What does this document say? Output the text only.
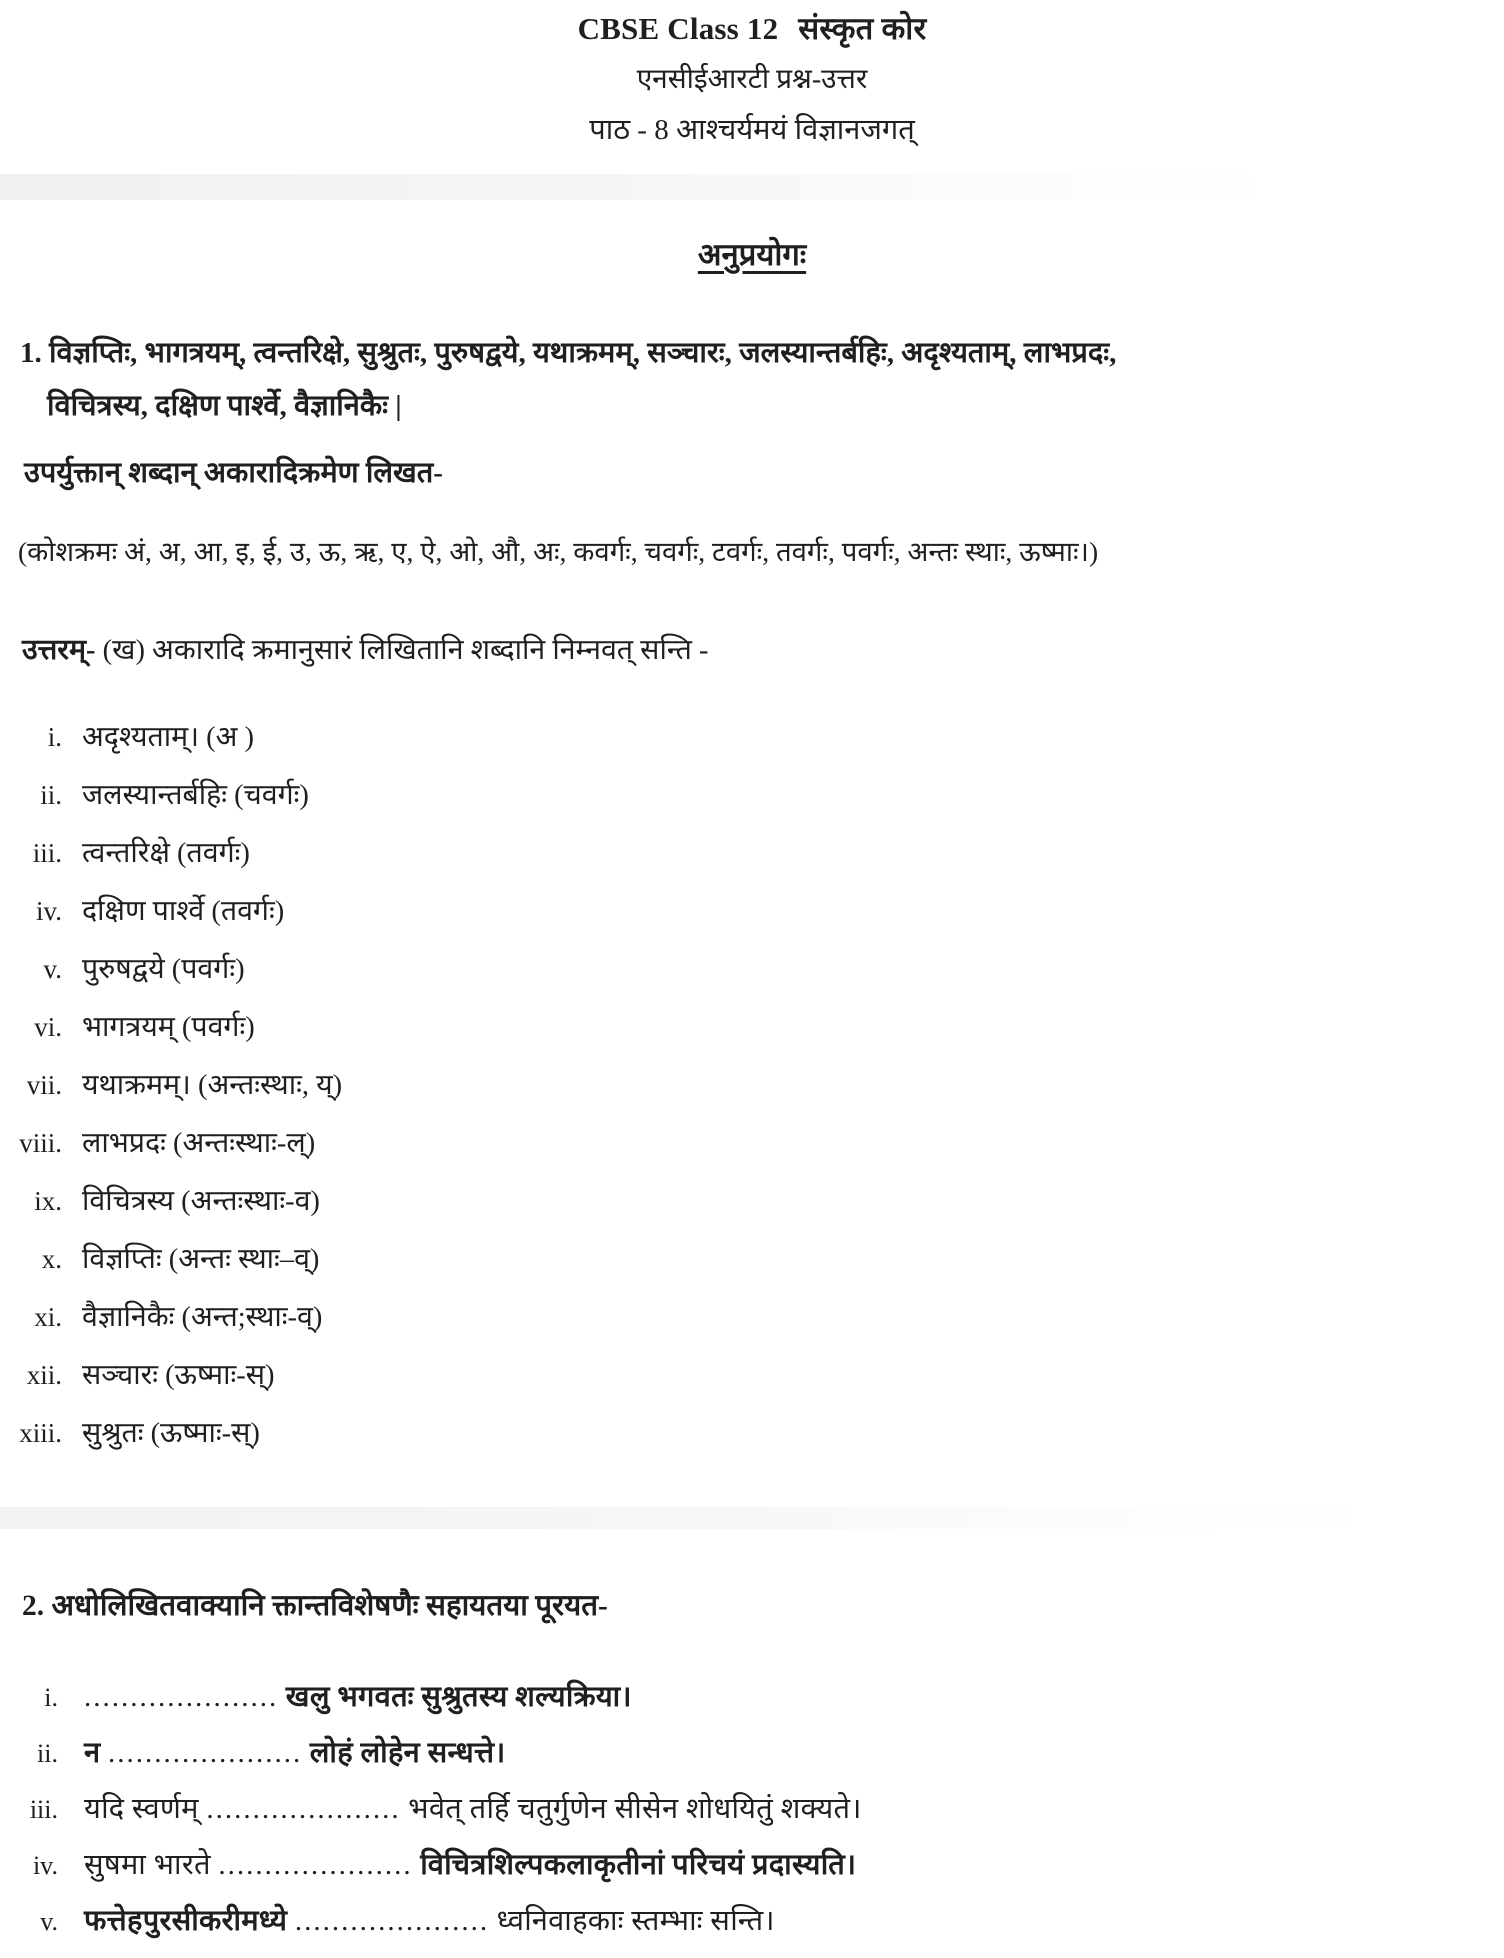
CBSE Class 12 संस्कृत कोर
एनसीईआरटी प्रश्न-उत्तर
पाठ - 8 आश्चर्यमयं विज्ञानजगत्
अनुप्रयोगः
1. विज्ञप्तिः, भागत्रयम्, त्वन्तरिक्षे, सुश्रुतः, पुरुषद्वये, यथाक्रमम्, सञ्चारः, जलस्यान्तर्बहिः, अदृश्यताम्, लाभप्रदः,
विचित्रस्य, दक्षिण पार्श्वे, वैज्ञानिकैः |
उपर्युक्तान् शब्दान् अकारादिक्रमेण लिखत-
(कोशक्रमः अं, अ, आ, इ, ई, उ, ऊ, ऋ, ए, ऐ, ओ, औ, अः, कवर्गः, चवर्गः, टवर्गः, तवर्गः, पवर्गः, अन्तः स्थाः, ऊष्माः।)
उत्तरम्- (ख) अकारादि क्रमानुसारं लिखितानि शब्दानि निम्नवत् सन्ति -
i. अदृश्यताम्। (अ )
ii. जलस्यान्तर्बहिः (चवर्गः)
iii. त्वन्तरिक्षे (तवर्गः)
iv. दक्षिण पार्श्वे (तवर्गः)
v. पुरुषद्वये (पवर्गः)
vi. भागत्रयम् (पवर्गः)
vii. यथाक्रमम्। (अन्तःस्थाः, य्)
viii. लाभप्रदः (अन्तःस्थाः-ल्)
ix. विचित्रस्य (अन्तःस्थाः-व)
x. विज्ञप्तिः (अन्तः स्थाः–व्)
xi. वैज्ञानिकैः (अन्त;स्थाः-व्)
xii. सञ्चारः (ऊष्माः-स्)
xiii. सुश्रुतः (ऊष्माः-स्)
2. अधोलिखितवाक्यानि क्तान्तविशेषणैः सहायतया पूरयत-
i. ..................... खलु भगवतः सुश्रुतस्य शल्यक्रिया।
ii. न ..................... लोहं लोहेन सन्धत्ते।
iii. यदि स्वर्णम् ..................... भवेत् तर्हि चतुर्गुणेन सीसेन शोधयितुं शक्यते।
iv. सुषमा भारते ..................... विचित्रशिल्पकलाकृतीनां परिचयं प्रदास्यति।
v. फत्तेहपुरसीकरीमध्ये ..................... ध्वनिवाहकाः स्तम्भाः सन्ति।
